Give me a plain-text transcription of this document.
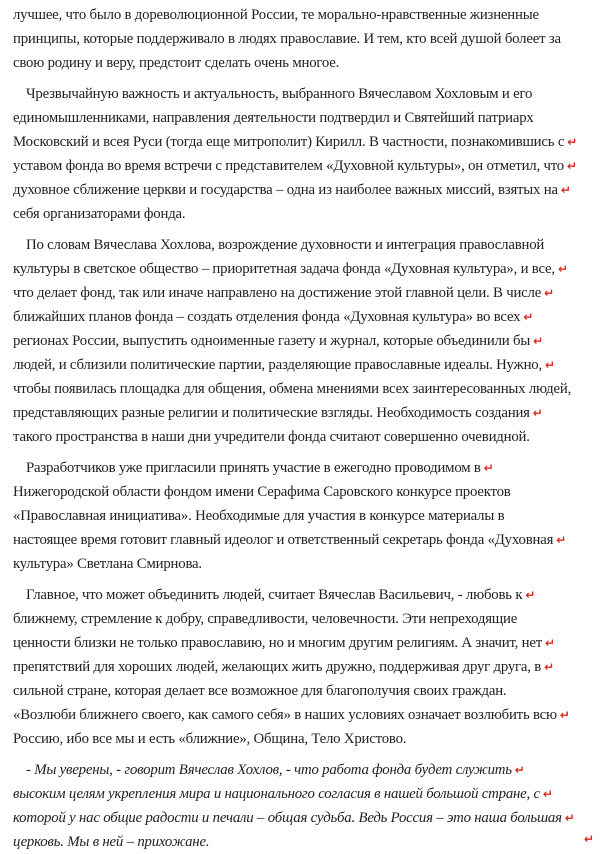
лучшее, что было в дореволюционной России, те морально-нравственные жизненные
принципы, которые поддерживало в людях православие. И тем, кто всей душой болеет за
свою родину и веру, предстоит сделать очень многое.
Чрезвычайную важность и актуальность, выбранного Вячеславом Хохловым и его
единомышленниками, направления деятельности подтвердил и Святейший патриарх
Московский и всея Руси (тогда еще митрополит) Кирилл. В частности, познакомившись с ↵
уставом фонда во время встречи с представителем «Духовной культуры», он отметил, что ↵
духовное сближение церкви и государства – одна из наиболее важных миссий, взятых на ↵
себя организаторами фонда.
По словам Вячеслава Хохлова, возрождение духовности и интеграция православной
культуры в светское общество – приоритетная задача фонда «Духовная культура», и все, ↵
что делает фонд, так или иначе направлено на достижение этой главной цели. В числе ↵
ближайших планов фонда – создать отделения фонда «Духовная культура» во всех ↵
регионах России, выпустить одноименные газету и журнал, которые объединили бы ↵
людей, и сблизили политические партии, разделяющие православные идеалы. Нужно, ↵
чтобы появилась площадка для общения, обмена мнениями всех заинтересованных людей,
представляющих разные религии и политические взгляды. Необходимость создания ↵
такого пространства в наши дни учредители фонда считают совершенно очевидной.
Разработчиков уже пригласили принять участие в ежегодно проводимом в ↵
Нижегородской области фондом имени Серафима Саровского конкурсе проектов
«Православная инициатива». Необходимые для участия в конкурсе материалы в
настоящее время готовит главный идеолог и ответственный секретарь фонда «Духовная ↵
культура» Светлана Смирнова.
Главное, что может объединить людей, считает Вячеслав Васильевич, - любовь к ↵
ближнему, стремление к добру, справедливости, человечности. Эти непреходящие
ценности близки не только православию, но и многим другим религиям. А значит, нет ↵
препятствий для хороших людей, желающих жить дружно, поддерживая друг друга, в ↵
сильной стране, которая делает все возможное для благополучия своих граждан.
«Возлюби ближнего своего, как самого себя» в наших условиях означает возлюбить всю ↵
Россию, ибо все мы и есть «ближние», Община, Тело Христово.
- Мы уверены, - говорит Вячеслав Хохлов, - что работа фонда будет служить ↵
высоким целям укрепления мира и национального согласия в нашей большой стране, с ↵
которой у нас общие радости и печали – общая судьба. Ведь Россия – это наша большая ↵
церковь. Мы в ней – прихожане.	↵
